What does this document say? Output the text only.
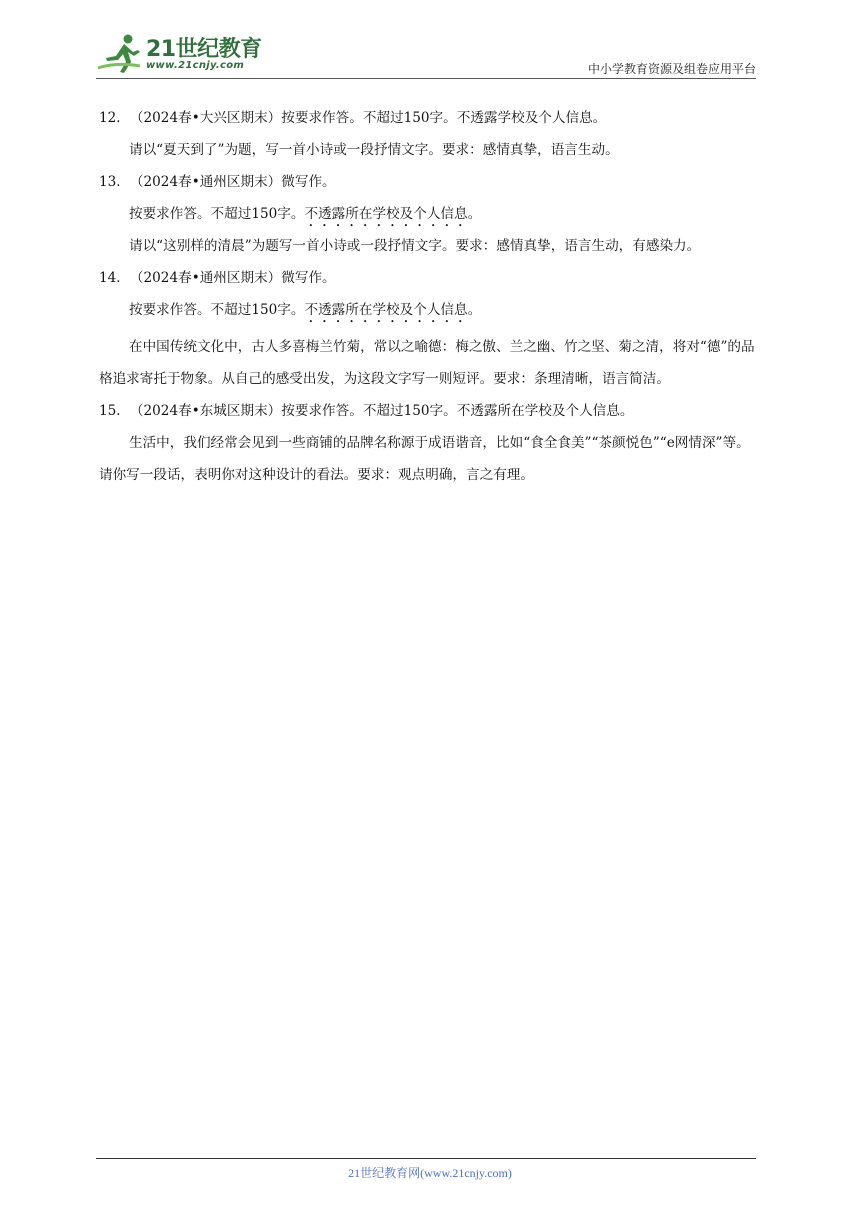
21世纪教育
www.21cnjy.com	中小学教育资源及组卷应用平台

12．（2024春•大兴区期末）按要求作答。不超过150字。不透露学校及个人信息。

请以“夏天到了”为题，写一首小诗或一段抒情文字。要求：感情真挚，语言生动。

13．（2024春•通州区期末）微写作。

按要求作答。不超过150字。不透露所在学校及个人信息。

请以“这别样的清晨”为题写一首小诗或一段抒情文字。要求：感情真挚，语言生动，有感染力。

14．（2024春•通州区期末）微写作。

按要求作答。不超过150字。不透露所在学校及个人信息。

在中国传统文化中，古人多喜梅兰竹菊，常以之喻德：梅之傲、兰之幽、竹之坚、菊之清，将对“德”的品格追求寄托于物象。从自己的感受出发，为这段文字写一则短评。要求：条理清晰，语言简洁。

15．（2024春•东城区期末）按要求作答。不超过150字。不透露所在学校及个人信息。

生活中，我们经常会见到一些商铺的品牌名称源于成语谐音，比如“食全食美”“茶颜悦色”“e网情深”等。请你写一段话，表明你对这种设计的看法。要求：观点明确，言之有理。

21世纪教育网(www.21cnjy.com)
